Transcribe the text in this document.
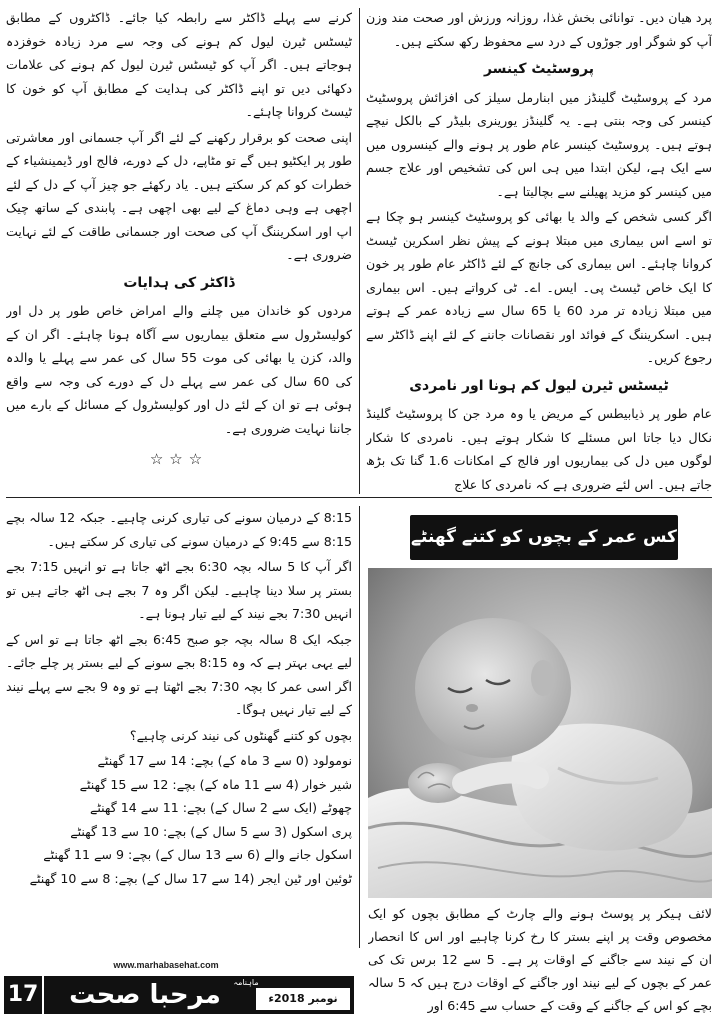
پرد ھیان دیں۔ توانائی بخش غذا، روزانہ ورزش اور صحت مند وزن آپ کو شوگر اور جوڑوں کے درد سے محفوظ رکھ سکتے ہیں۔

پروسٹیٹ کینسر

مرد کے پروسٹیٹ گلینڈز میں ابنارمل سیلز کی افزائش پروسٹیٹ کینسر کی وجہ بنتی ہے۔ یہ گلینڈز یورینری بلیڈر کے بالکل نیچے ہوتے ہیں۔ پروسٹیٹ کینسر عام طور پر ہونے والے کینسروں میں سے ایک ہے، لیکن ابتدا میں ہی اس کی تشخیص اور علاج جسم میں کینسر کو مزید پھیلنے سے بچالیتا ہے۔

اگر کسی شخص کے والد یا بھائی کو پروسٹیٹ کینسر ہو چکا ہے تو اسے اس بیماری میں مبتلا ہونے کے پیش نظر اسکرین ٹیسٹ کروانا چاہئے۔ اس بیماری کی جانچ کے لئے ڈاکٹر عام طور پر خون کا ایک خاص ٹیسٹ پی۔ ایس۔ اے۔ ٹی کرواتے ہیں۔ اس بیماری میں مبتلا زیادہ تر مرد 60 یا 65 سال سے زیادہ عمر کے ہوتے ہیں۔ اسکریننگ کے فوائد اور نقصانات جاننے کے لئے اپنے ڈاکٹر سے رجوع کریں۔

ٹیسٹس ٹیرن لیول کم ہونا اور نامردی

عام طور پر ذیابیطس کے مریض یا وہ مرد جن کا پروسٹیٹ گلینڈ نکال دیا جاتا اس مسئلے کا شکار ہوتے ہیں۔ نامردی کا شکار لوگوں میں دل کی بیماریوں اور فالج کے امکانات 1.6 گنا تک بڑھ جاتے ہیں۔ اس لئے ضروری ہے کہ نامردی کا علاج

کرنے سے پہلے ڈاکٹر سے رابطہ کیا جائے۔ ڈاکٹروں کے مطابق ٹیسٹس ٹیرن لیول کم ہونے کی وجہ سے مرد زیادہ خوفزدہ ہوجاتے ہیں۔ اگر آپ کو ٹیسٹس ٹیرن لیول کم ہونے کی علامات دکھائی دیں تو اپنے ڈاکٹر کی ہدایت کے مطابق آپ کو خون کا ٹیسٹ کروانا چاہئے۔

اپنی صحت کو برقرار رکھنے کے لئے اگر آپ جسمانی اور معاشرتی طور پر ایکٹیو ہیں گے تو مٹاپے، دل کے دورے، فالج اور ڈیمینشیاء کے خطرات کو کم کر سکتے ہیں۔ یاد رکھئے جو چیز آپ کے دل کے لئے اچھی ہے وہی دماغ کے لیے بھی اچھی ہے۔ پابندی کے ساتھ چیک اپ اور اسکریننگ آپ کی صحت اور جسمانی طاقت کے لئے نہایت ضروری ہے۔

ڈاکٹر کی ہدایات

مردوں کو خاندان میں چلنے والے امراض خاص طور پر دل اور کولیسٹرول سے متعلق بیماریوں سے آگاہ ہونا چاہئے۔ اگر ان کے والد، کزن یا بھائی کی موت 55 سال کی عمر سے پہلے یا والدہ کی 60 سال کی عمر سے پہلے دل کے دورے کی وجہ سے واقع ہوئی ہے تو ان کے لئے دل اور کولیسٹرول کے مسائل کے بارے میں جاننا نہایت ضروری ہے۔

☆☆☆
کس عمر کے بچوں کو کتنے گھنٹے
لائف ہیکر پر پوسٹ ہونے والے چارٹ کے مطابق بچوں کو ایک مخصوص وقت پر اپنے بستر کا رخ کرنا چاہیے اور اس کا انحصار ان کے نیند سے جاگنے کے اوقات پر ہے۔ 5 سے 12 برس تک کی عمر کے بچوں کے لیے نیند اور جاگنے کے اوقات درج ہیں کہ 5 سالہ بچے کو اس کے جاگنے کے وقت کے حساب سے 6:45 اور

8:15 کے درمیان سونے کی تیاری کرنی چاہیے۔ جبکہ 12 سالہ بچے 8:15 سے 9:45 کے درمیان سونے کی تیاری کر سکتے ہیں۔

اگر آپ کا 5 سالہ بچہ 6:30 بجے اٹھ جاتا ہے تو انہیں 7:15 بجے بستر پر سلا دینا چاہیے۔ لیکن اگر وہ 7 بجے ہی اٹھ جاتے ہیں تو انہیں 7:30 بجے نیند کے لیے تیار ہونا ہے۔

جبکہ ایک 8 سالہ بچہ جو صبح 6:45 بجے اٹھ جاتا ہے تو اس کے لیے یہی بہتر ہے کہ وہ 8:15 بجے سونے کے لیے بستر پر چلے جائے۔ اگر اسی عمر کا بچہ 7:30 بجے اٹھتا ہے تو وہ 9 بجے سے پہلے نیند کے لیے تیار نہیں ہوگا۔

بچوں کو کتنے گھنٹوں کی نیند کرنی چاہیے؟

نومولود (0 سے 3 ماہ کے) بچے: 14 سے 17 گھنٹے

شیر خوار (4 سے 11 ماہ کے) بچے: 12 سے 15 گھنٹے

چھوٹے (ایک سے 2 سال کے) بچے: 11 سے 14 گھنٹے

پری اسکول (3 سے 5 سال کے) بچے: 10 سے 13 گھنٹے

اسکول جانے والے (6 سے 13 سال کے) بچے: 9 سے 11 گھنٹے

ٹوئین اور ٹین ایجر (14 سے 17 سال کے) بچے: 8 سے 10 گھنٹے

www.marhabasehat.com
17	مرحبا صحت	ماہنامہ
نومبر 2018ء
